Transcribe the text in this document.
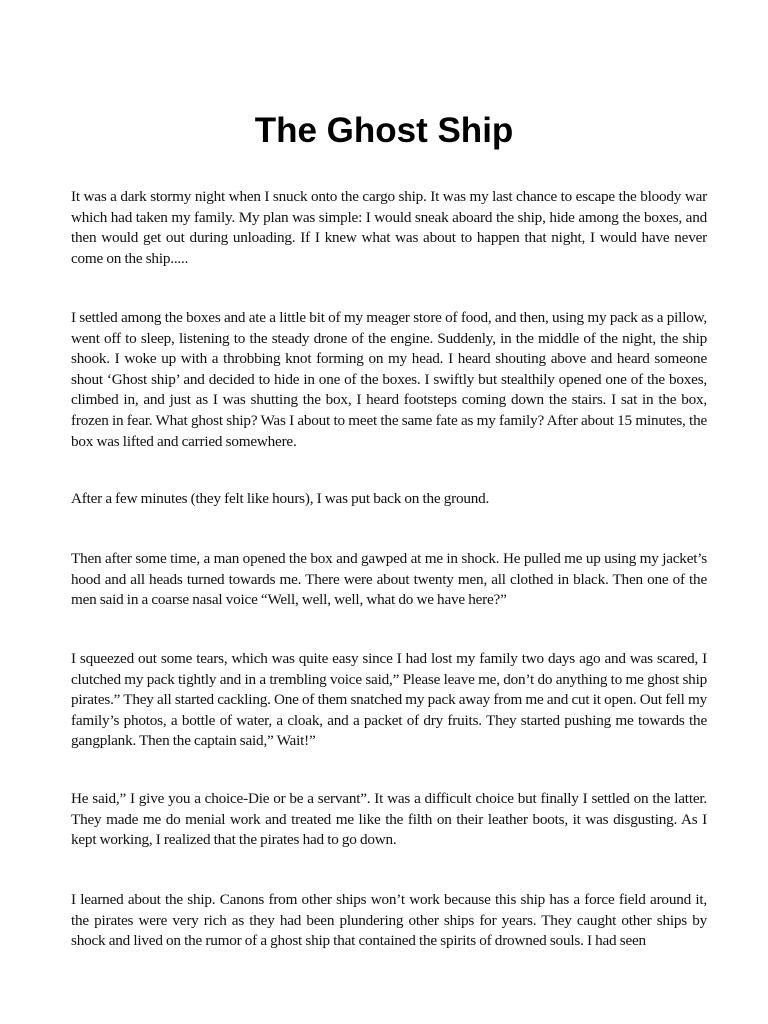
The Ghost Ship

It was a dark stormy night when I snuck onto the cargo ship. It was my last chance to escape the bloody war which had taken my family. My plan was simple: I would sneak aboard the ship, hide among the boxes, and then would get out during unloading. If I knew what was about to happen that night, I would have never come on the ship.....

I settled among the boxes and ate a little bit of my meager store of food, and then, using my pack as a pillow, went off to sleep, listening to the steady drone of the engine. Suddenly, in the middle of the night, the ship shook. I woke up with a throbbing knot forming on my head. I heard shouting above and heard someone shout ‘Ghost ship’ and decided to hide in one of the boxes. I swiftly but stealthily opened one of the boxes, climbed in, and just as I was shutting the box, I heard footsteps coming down the stairs. I sat in the box, frozen in fear. What ghost ship? Was I about to meet the same fate as my family? After about 15 minutes, the box was lifted and carried somewhere.

After a few minutes (they felt like hours), I was put back on the ground.

Then after some time, a man opened the box and gawped at me in shock. He pulled me up using my jacket’s hood and all heads turned towards me. There were about twenty men, all clothed in black. Then one of the men said in a coarse nasal voice “Well, well, well, what do we have here?”

I squeezed out some tears, which was quite easy since I had lost my family two days ago and was scared, I clutched my pack tightly and in a trembling voice said,” Please leave me, don’t do anything to me ghost ship pirates.” They all started cackling. One of them snatched my pack away from me and cut it open. Out fell my family’s photos, a bottle of water, a cloak, and a packet of dry fruits. They started pushing me towards the gangplank. Then the captain said,” Wait!”

He said,” I give you a choice-Die or be a servant”. It was a difficult choice but finally I settled on the latter. They made me do menial work and treated me like the filth on their leather boots, it was disgusting. As I kept working, I realized that the pirates had to go down.

I learned about the ship. Canons from other ships won’t work because this ship has a force field around it, the pirates were very rich as they had been plundering other ships for years. They caught other ships by shock and lived on the rumor of a ghost ship that contained the spirits of drowned souls. I had seen
